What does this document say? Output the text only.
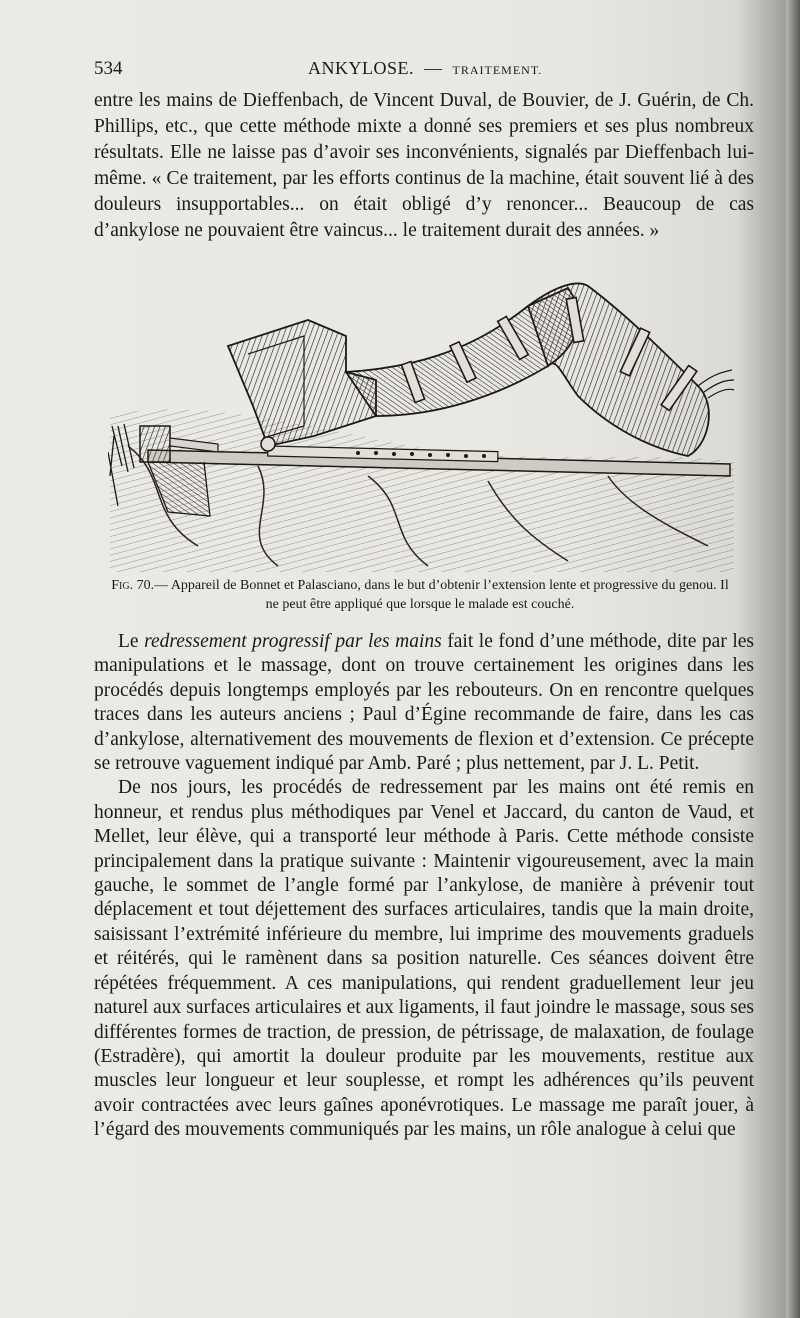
534	ANKYLOSE. — TRAITEMENT.

entre les mains de Dieffenbach, de Vincent Duval, de Bouvier, de J. Guérin, de Ch. Phillips, etc., que cette méthode mixte a donné ses premiers et ses plus nombreux résultats. Elle ne laisse pas d’avoir ses inconvénients, signalés par Dieffenbach lui-même. « Ce traitement, par les efforts continus de la machine, était souvent lié à des douleurs insupportables... on était obligé d’y renoncer... Beaucoup de cas d’ankylose ne pouvaient être vaincus... le traitement durait des années. »

Fig. 70.— Appareil de Bonnet et Palasciano, dans le but d’obtenir l’extension lente et progressive du genou. Il ne peut être appliqué que lorsque le malade est couché.

Le redressement progressif par les mains fait le fond d’une méthode, dite par les manipulations et le massage, dont on trouve certainement les origines dans les procédés depuis longtemps employés par les rebouteurs. On en rencontre quelques traces dans les auteurs anciens ; Paul d’Égine recommande de faire, dans les cas d’ankylose, alternativement des mouvements de flexion et d’extension. Ce précepte se retrouve vaguement indiqué par Amb. Paré ; plus nettement, par J. L. Petit.

De nos jours, les procédés de redressement par les mains ont été remis en honneur, et rendus plus méthodiques par Venel et Jaccard, du canton de Vaud, et Mellet, leur élève, qui a transporté leur méthode à Paris. Cette méthode consiste principalement dans la pratique suivante : Maintenir vigoureusement, avec la main gauche, le sommet de l’angle formé par l’ankylose, de manière à prévenir tout déplacement et tout déjettement des surfaces articulaires, tandis que la main droite, saisissant l’extrémité inférieure du membre, lui imprime des mouvements graduels et réitérés, qui le ramènent dans sa position naturelle. Ces séances doivent être répétées fréquemment. A ces manipulations, qui rendent graduellement leur jeu naturel aux surfaces articulaires et aux ligaments, il faut joindre le massage, sous ses différentes formes de traction, de pression, de pétrissage, de malaxation, de foulage (Estradère), qui amortit la douleur produite par les mouvements, restitue aux muscles leur longueur et leur souplesse, et rompt les adhérences qu’ils peuvent avoir contractées avec leurs gaînes aponévrotiques. Le massage me paraît jouer, à l’égard des mouvements communiqués par les mains, un rôle analogue à celui que
